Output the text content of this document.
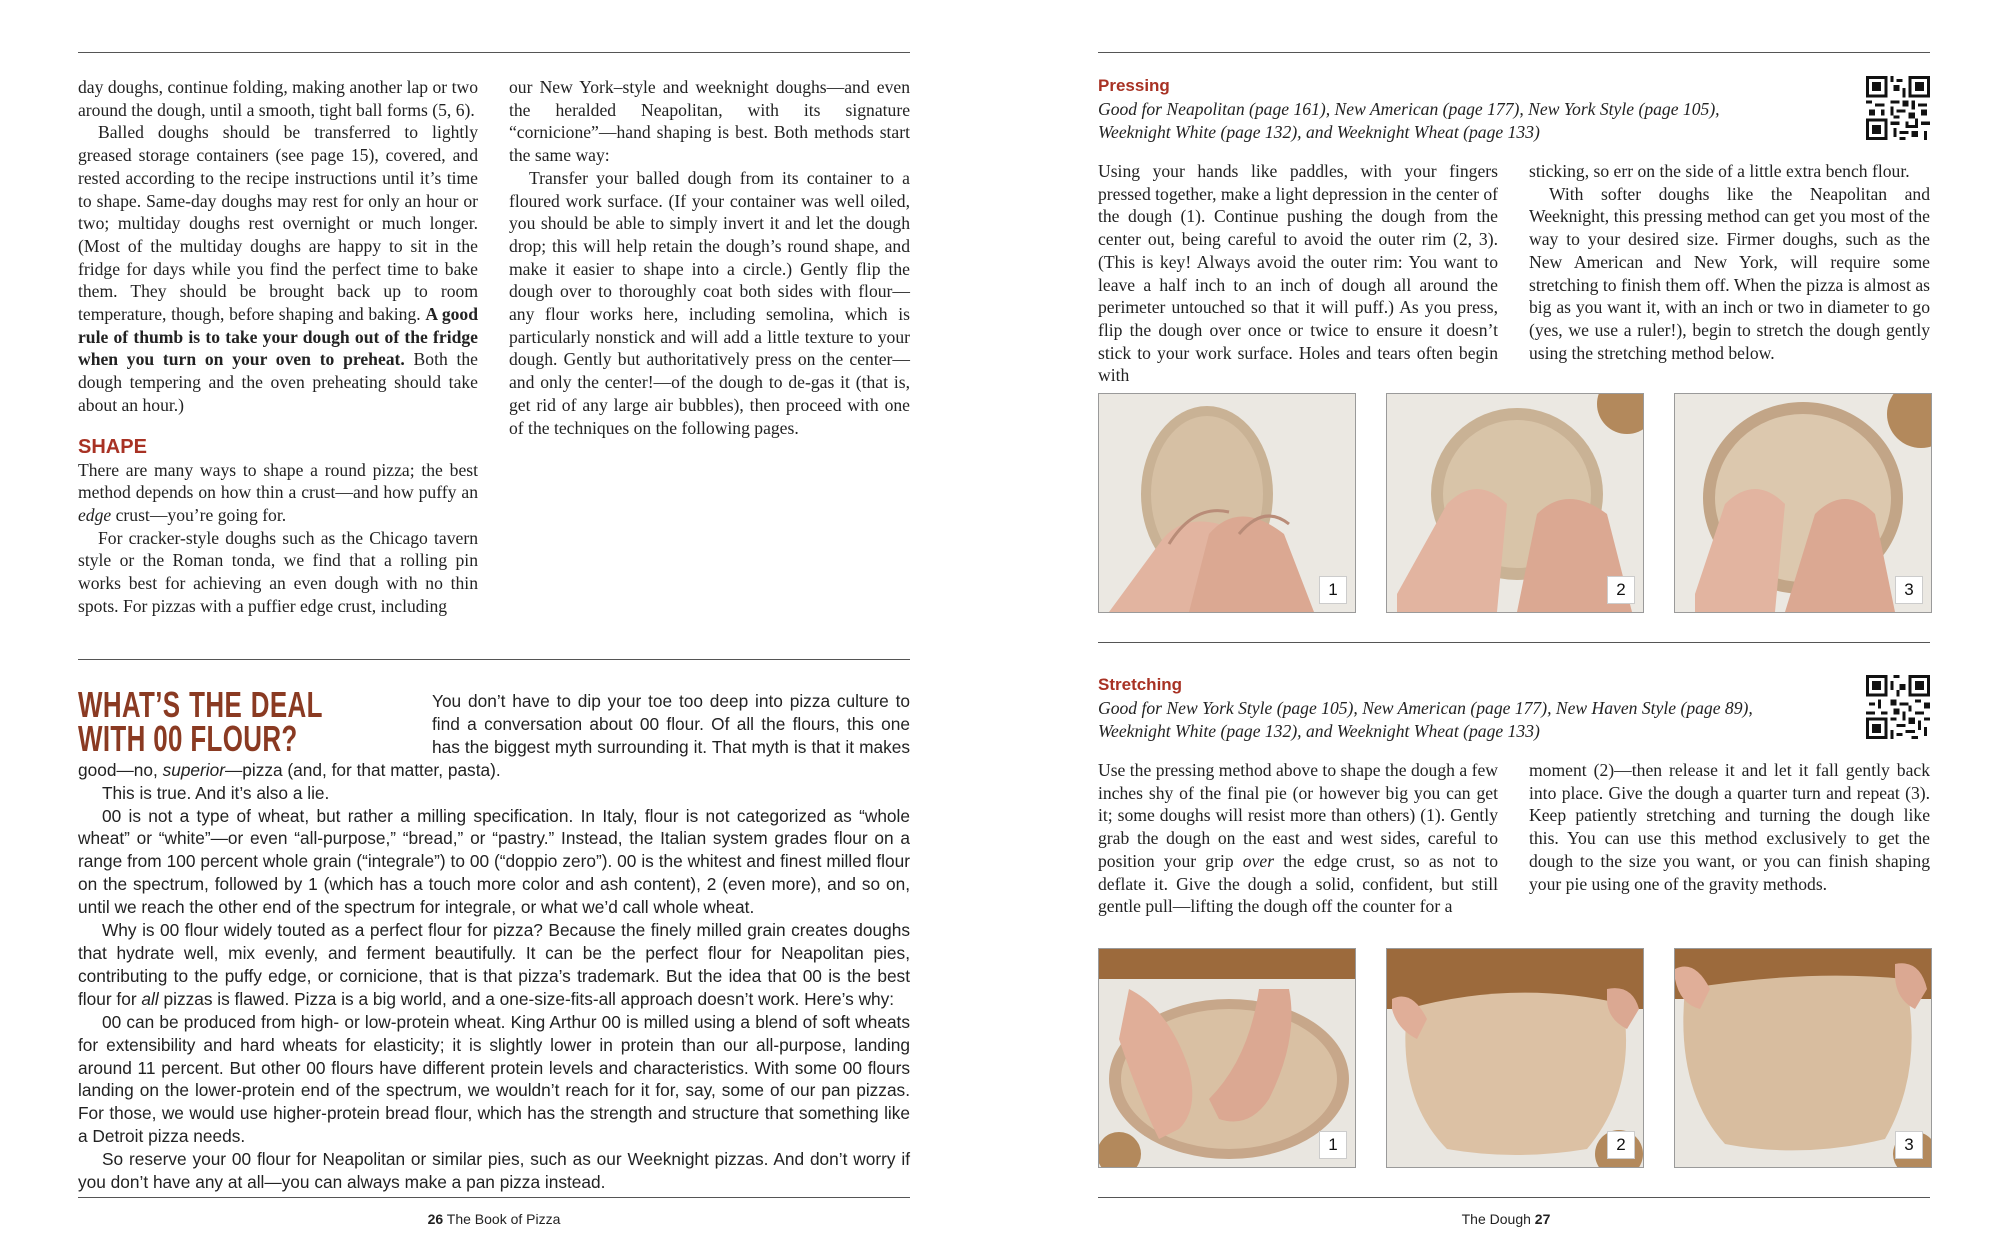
day doughs, continue folding, making another lap or two around the dough, until a smooth, tight ball forms (5, 6).

Balled doughs should be transferred to lightly greased storage containers (see page 15), covered, and rested according to the recipe instructions until it’s time to shape. Same-day doughs may rest for only an hour or two; multiday doughs rest overnight or much longer. (Most of the multiday doughs are happy to sit in the fridge for days while you find the perfect time to bake them. They should be brought back up to room temperature, though, before shaping and baking. A good rule of thumb is to take your dough out of the fridge when you turn on your oven to preheat. Both the dough tempering and the oven preheating should take about an hour.)

SHAPE

There are many ways to shape a round pizza; the best method depends on how thin a crust—and how puffy an edge crust—you’re going for.

For cracker-style doughs such as the Chicago tavern style or the Roman tonda, we find that a rolling pin works best for achieving an even dough with no thin spots. For pizzas with a puffier edge crust, including

our New York–style and weeknight doughs—and even the heralded Neapolitan, with its signature “cornicione”—hand shaping is best. Both methods start the same way:

Transfer your balled dough from its container to a floured work surface. (If your container was well oiled, you should be able to simply invert it and let the dough drop; this will help retain the dough’s round shape, and make it easier to shape into a circle.) Gently flip the dough over to thoroughly coat both sides with flour—any flour works here, including semolina, which is particularly nonstick and will add a little texture to your dough. Gently but authoritatively press on the center—and only the center!—of the dough to de-gas it (that is, get rid of any large air bubbles), then proceed with one of the techniques on the following pages.

WHAT’S THE DEAL WITH 00 FLOUR?

You don’t have to dip your toe too deep into pizza culture to find a conversation about 00 flour. Of all the flours, this one has the biggest myth surrounding it. That myth is that it makes good—no, superior—pizza (and, for that matter, pasta).

This is true. And it’s also a lie.

00 is not a type of wheat, but rather a milling specification. In Italy, flour is not categorized as “whole wheat” or “white”—or even “all-purpose,” “bread,” or “pastry.” Instead, the Italian system grades flour on a range from 100 percent whole grain (“integrale”) to 00 (“doppio zero”). 00 is the whitest and finest milled flour on the spectrum, followed by 1 (which has a touch more color and ash content), 2 (even more), and so on, until we reach the other end of the spectrum for integrale, or what we’d call whole wheat.

Why is 00 flour widely touted as a perfect flour for pizza? Because the finely milled grain creates doughs that hydrate well, mix evenly, and ferment beautifully. It can be the perfect flour for Neapolitan pies, contributing to the puffy edge, or cornicione, that is that pizza’s trademark. But the idea that 00 is the best flour for all pizzas is flawed. Pizza is a big world, and a one-size-fits-all approach doesn’t work. Here’s why:

00 can be produced from high- or low-protein wheat. King Arthur 00 is milled using a blend of soft wheats for extensibility and hard wheats for elasticity; it is slightly lower in protein than our all-purpose, landing around 11 percent. But other 00 flours have different protein levels and characteristics. With some 00 flours landing on the lower-protein end of the spectrum, we wouldn’t reach for it for, say, some of our pan pizzas. For those, we would use higher-protein bread flour, which has the strength and structure that something like a Detroit pizza needs.

So reserve your 00 flour for Neapolitan or similar pies, such as our Weeknight pizzas. And don’t worry if you don’t have any at all—you can always make a pan pizza instead.

26 The Book of Pizza
Pressing
Good for Neapolitan (page 161), New American (page 177), New York Style (page 105), Weeknight White (page 132), and Weeknight Wheat (page 133)

Using your hands like paddles, with your fingers pressed together, make a light depression in the center of the dough (1). Continue pushing the dough from the center out, being careful to avoid the outer rim (2, 3). (This is key! Always avoid the outer rim: You want to leave a half inch to an inch of dough all around the perimeter untouched so that it will puff.) As you press, flip the dough over once or twice to ensure it doesn’t stick to your work surface. Holes and tears often begin with

sticking, so err on the side of a little extra bench flour.

With softer doughs like the Neapolitan and Weeknight, this pressing method can get you most of the way to your desired size. Firmer doughs, such as the New American and New York, will require some stretching to finish them off. When the pizza is almost as big as you want it, with an inch or two in diameter to go (yes, we use a ruler!), begin to stretch the dough gently using the stretching method below.

1	2	3
Stretching
Good for New York Style (page 105), New American (page 177), New Haven Style (page 89), Weeknight White (page 132), and Weeknight Wheat (page 133)

Use the pressing method above to shape the dough a few inches shy of the final pie (or however big you can get it; some doughs will resist more than others) (1). Gently grab the dough on the east and west sides, careful to position your grip over the edge crust, so as not to deflate it. Give the dough a solid, confident, but still gentle pull—lifting the dough off the counter for a

moment (2)—then release it and let it fall gently back into place. Give the dough a quarter turn and repeat (3). Keep patiently stretching and turning the dough like this. You can use this method exclusively to get the dough to the size you want, or you can finish shaping your pie using one of the gravity methods.

1	2	3
The Dough 27
